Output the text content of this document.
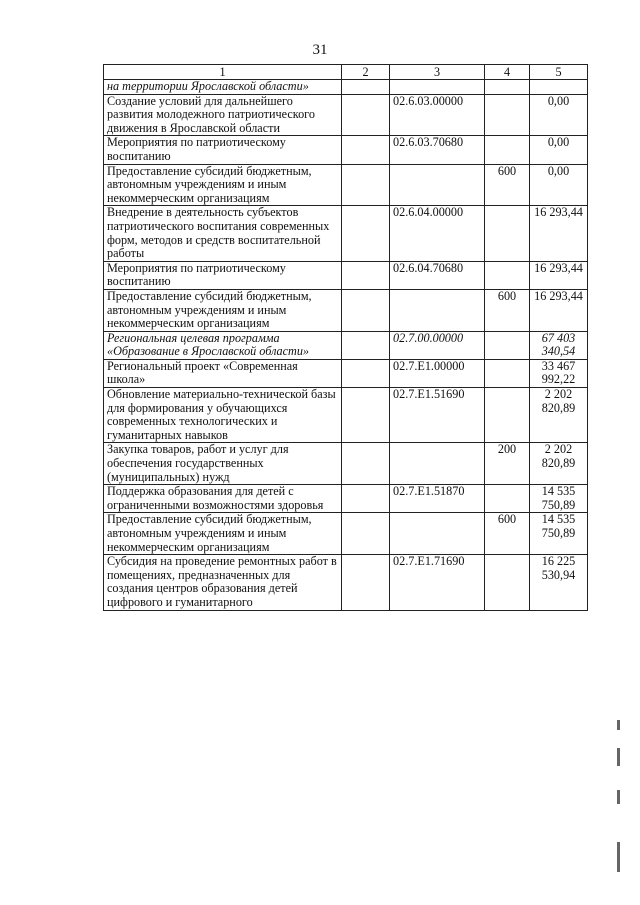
31
1	2	3	4	5
на территории Ярославской области»				
Создание условий для дальнейшего развития молодежного патриотического движения в Ярославской области		02.6.03.00000		0,00
Мероприятия по патриотическому воспитанию		02.6.03.70680		0,00
Предоставление субсидий бюджетным, автономным учреждениям и иным некоммерческим организациям			600	0,00
Внедрение в деятельность субъектов патриотического воспитания современных форм, методов и средств воспитательной работы		02.6.04.00000		16 293,44
Мероприятия по патриотическому воспитанию		02.6.04.70680		16 293,44
Предоставление субсидий бюджетным, автономным учреждениям и иным некоммерческим организациям			600	16 293,44
Региональная целевая программа «Образование в Ярославской области»		02.7.00.00000		67 403 340,54
Региональный проект «Современная школа»		02.7.E1.00000		33 467 992,22
Обновление материально-технической базы для формирования у обучающихся современных технологических и гуманитарных навыков		02.7.E1.51690		2 202 820,89
Закупка товаров, работ и услуг для обеспечения государственных (муниципальных) нужд			200	2 202 820,89
Поддержка образования для детей с ограниченными возможностями здоровья		02.7.E1.51870		14 535 750,89
Предоставление субсидий бюджетным, автономным учреждениям и иным некоммерческим организациям			600	14 535 750,89
Субсидия на проведение ремонтных работ в помещениях, предназначенных для создания центров образования детей цифрового и гуманитарного		02.7.E1.71690		16 225 530,94
